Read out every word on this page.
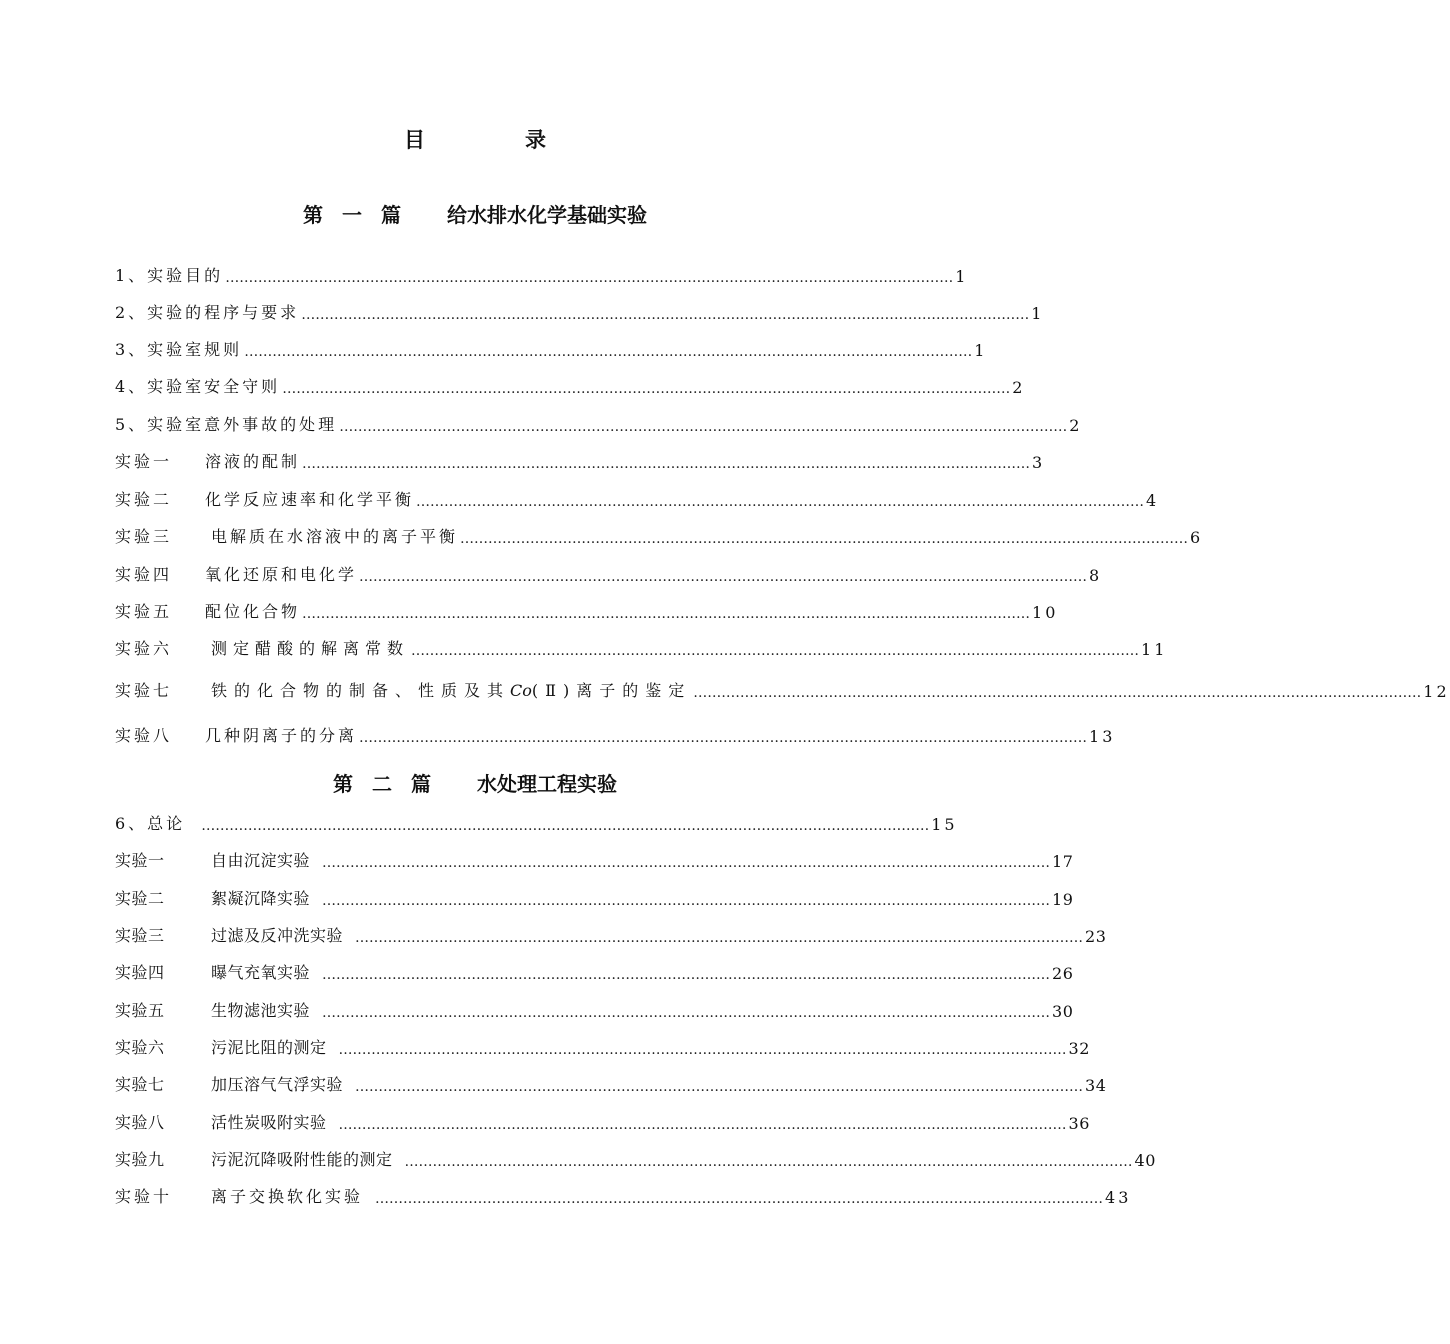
目	录
第 一 篇 给水排水化学基础实验
1、实验目的 ………………………………………………………………………………………………………………………………………… 1
2、实验的程序与要求 ………………………………………………………………………………………………………………………………………… 1
3、实验室规则 ………………………………………………………………………………………………………………………………………… 1
4、实验室安全守则 ………………………………………………………………………………………………………………………………………… 2
5、实验室意外事故的处理 ………………………………………………………………………………………………………………………………………… 2
实验一	溶液的配制 ………………………………………………………………………………………………………………………………………… 3
实验二	化学反应速率和化学平衡 ………………………………………………………………………………………………………………………………………… 4
实验三	电解质在水溶液中的离子平衡 ………………………………………………………………………………………………………………………………………… 6
实验四	氧化还原和电化学 ………………………………………………………………………………………………………………………………………… 8
实验五	配位化合物 ………………………………………………………………………………………………………………………………………… 10
实验六	测定醋酸的解离常数 ………………………………………………………………………………………………………………………………………… 11
实验七	铁的化合物的制备、性质及其Co(Ⅱ)离子的鉴定 ………………………………………………………………………………………………………………………………………… 12
实验八	几种阴离子的分离 ………………………………………………………………………………………………………………………………………… 13
第 二 篇 水处理工程实验
6、总论 ………………………………………………………………………………………………………………………………………… 15
实验一	自由沉淀实验 ………………………………………………………………………………………………………………………………………… 17
实验二	絮凝沉降实验 ………………………………………………………………………………………………………………………………………… 19
实验三	过滤及反冲洗实验 ………………………………………………………………………………………………………………………………………… 23
实验四	曝气充氧实验 ………………………………………………………………………………………………………………………………………… 26
实验五	生物滤池实验 ………………………………………………………………………………………………………………………………………… 30
实验六	污泥比阻的测定 ………………………………………………………………………………………………………………………………………… 32
实验七	加压溶气气浮实验 ………………………………………………………………………………………………………………………………………… 34
实验八	活性炭吸附实验 ………………………………………………………………………………………………………………………………………… 36
实验九	污泥沉降吸附性能的测定 ………………………………………………………………………………………………………………………………………… 40
实验十	离子交换软化实验 ………………………………………………………………………………………………………………………………………… 43
